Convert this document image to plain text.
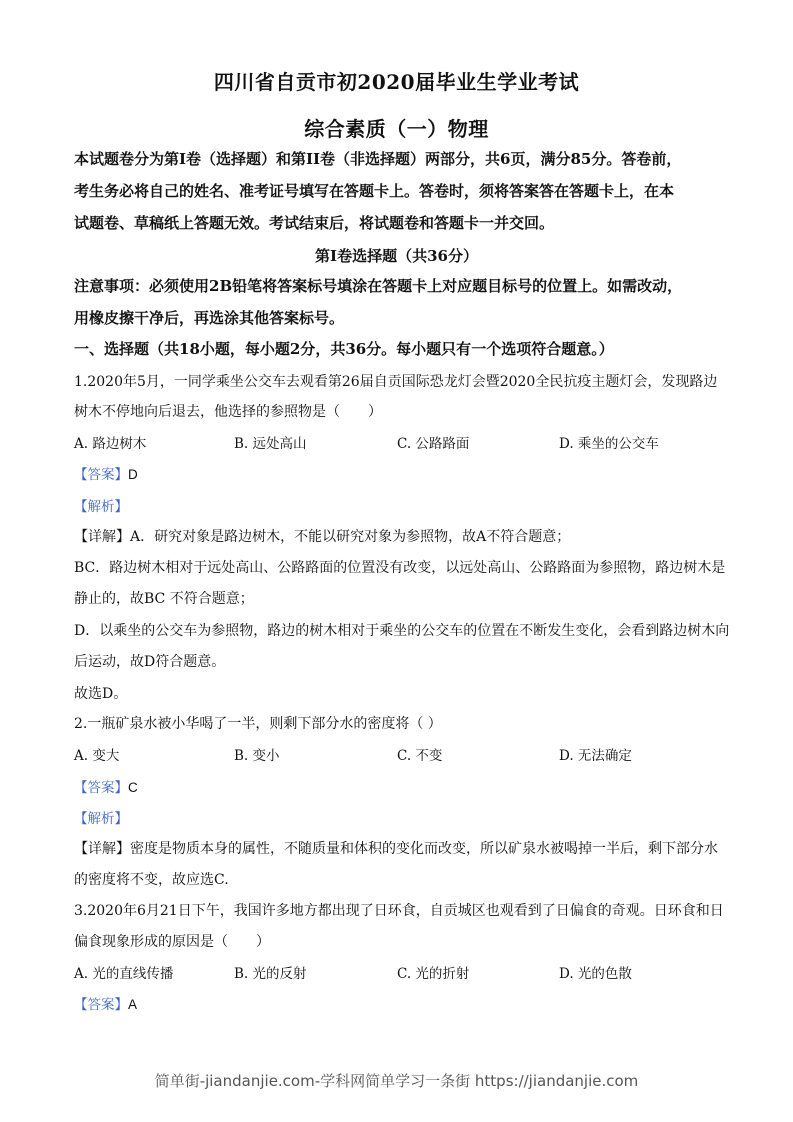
四川省自贡市初2020届毕业生学业考试
综合素质（一）物理
本试题卷分为第I卷（选择题）和第II卷（非选择题）两部分，共6页，满分85分。答卷前，
考生务必将自己的姓名、准考证号填写在答题卡上。答卷时，须将答案答在答题卡上，在本
试题卷、草稿纸上答题无效。考试结束后，将试题卷和答题卡一并交回。
第I卷选择题（共36分）
注意事项：必须使用2B铅笔将答案标号填涂在答题卡上对应题目标号的位置上。如需改动，
用橡皮擦干净后，再选涂其他答案标号。
一、选择题（共18小题，每小题2分，共36分。每小题只有一个选项符合题意。）
1.2020年5月，一同学乘坐公交车去观看第26届自贡国际恐龙灯会暨2020全民抗疫主题灯会，发现路边
树木不停地向后退去，他选择的参照物是（　　）
A. 路边树木	B. 远处高山	C. 公路路面	D. 乘坐的公交车
【答案】D
【解析】
【详解】A．研究对象是路边树木，不能以研究对象为参照物，故A不符合题意；
BC．路边树木相对于远处高山、公路路面的位置没有改变，以远处高山、公路路面为参照物，路边树木是
静止的，故BC 不符合题意；
D．以乘坐的公交车为参照物，路边的树木相对于乘坐的公交车的位置在不断发生变化，会看到路边树木向
后运动，故D符合题意。
故选D。
2.一瓶矿泉水被小华喝了一半，则剩下部分水的密度将（ ）
A. 变大	B. 变小	C. 不变	D. 无法确定
【答案】C
【解析】
【详解】密度是物质本身的属性，不随质量和体积的变化而改变，所以矿泉水被喝掉一半后，剩下部分水
的密度将不变，故应选C.
3.2020年6月21日下午，我国许多地方都出现了日环食，自贡城区也观看到了日偏食的奇观。日环食和日
偏食现象形成的原因是（　　）
A. 光的直线传播	B. 光的反射	C. 光的折射	D. 光的色散
【答案】A
简单街-jiandanjie.com-学科网简单学习一条街 https://jiandanjie.com
